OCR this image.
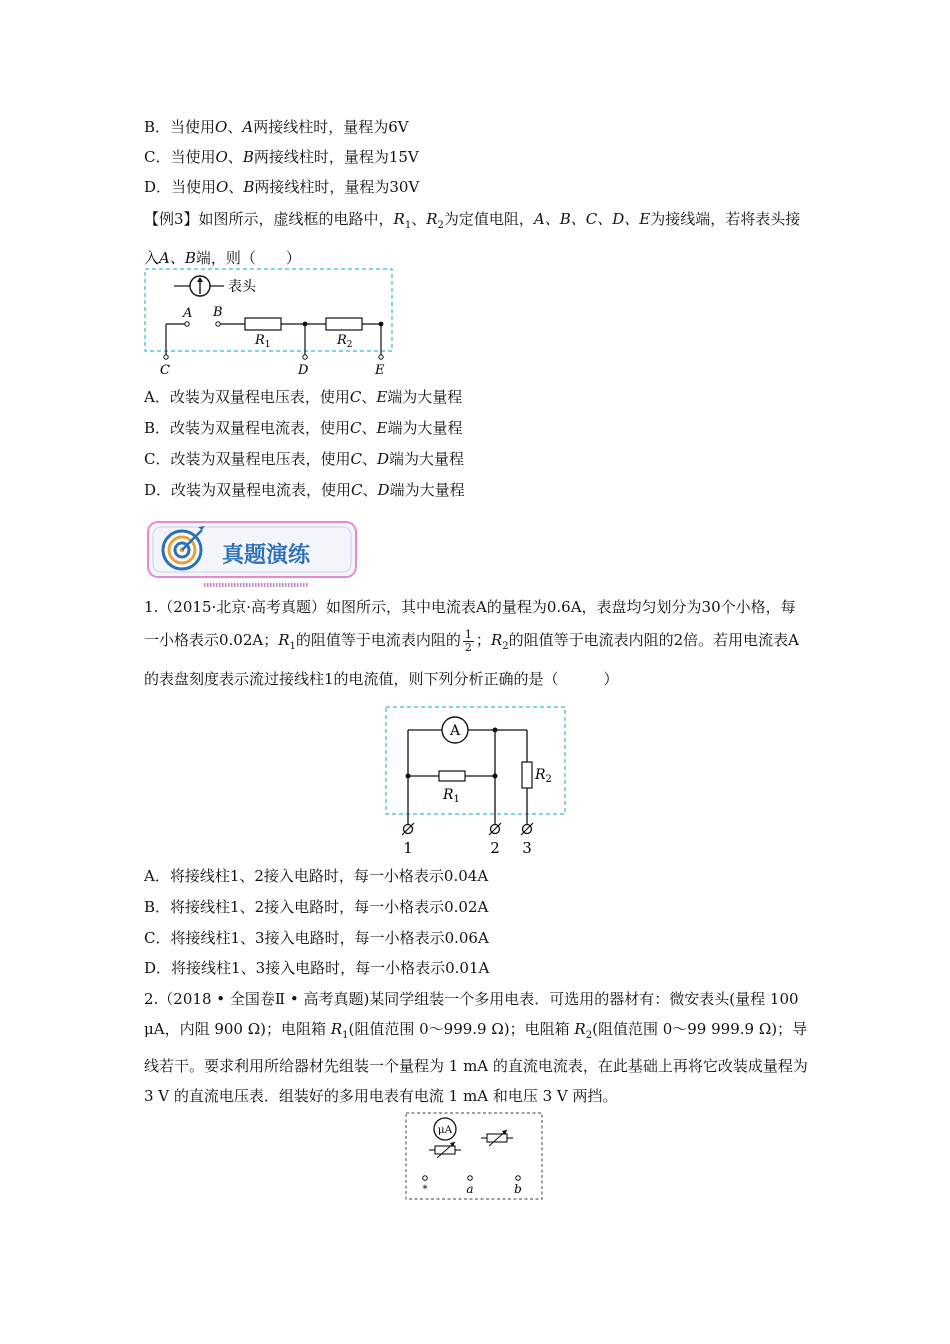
B．当使用O、A两接线柱时，量程为6V
C．当使用O、B两接线柱时，量程为15V
D．当使用O、B两接线柱时，量程为30V
【例3】如图所示，虚线框的电路中，$R_1$、$R_2$为定值电阻，A、B、C、D、E为接线端，若将表头接入A、B端，则（　　）
表头
A B
$R_1$	$R_2$
C	D	E
A．改装为双量程电压表，使用C、E端为大量程
B．改装为双量程电流表，使用C、E端为大量程
C．改装为双量程电压表，使用C、D端为大量程
D．改装为双量程电流表，使用C、D端为大量程
真题演练
1.（2015·北京·高考真题）如图所示，其中电流表A的量程为0.6A，表盘均匀划分为30个小格，每一小格表示0.02A；$R_1$的阻值等于电流表内阻的 $\frac{1}{2}$ ；$R_2$的阻值等于电流表内阻的2倍。若用电流表A的表盘刻度表示流过接线柱1的电流值，则下列分析正确的是（　　　）
A
$R_1$
$R_2$
1	2 3
A．将接线柱1、2接入电路时，每一小格表示0.04A
B．将接线柱1、2接入电路时，每一小格表示0.02A
C．将接线柱1、3接入电路时，每一小格表示0.06A
D．将接线柱1、3接入电路时，每一小格表示0.01A
2.（2018 • 全国卷Ⅱ • 高考真题)某同学组装一个多用电表．可选用的器材有：微安表头(量程 100 μA，内阻 900 Ω)；电阻箱 $R_1$(阻值范围 0～999.9 Ω)；电阻箱 $R_2$(阻值范围 0～99 999.9 Ω)；导线若干。要求利用所给器材先组装一个量程为 1 mA 的直流电流表，在此基础上再将它改装成量程为 3 V 的直流电压表．组装好的多用电表有电流 1 mA 和电压 3 V 两挡。
μA
*	a	b
